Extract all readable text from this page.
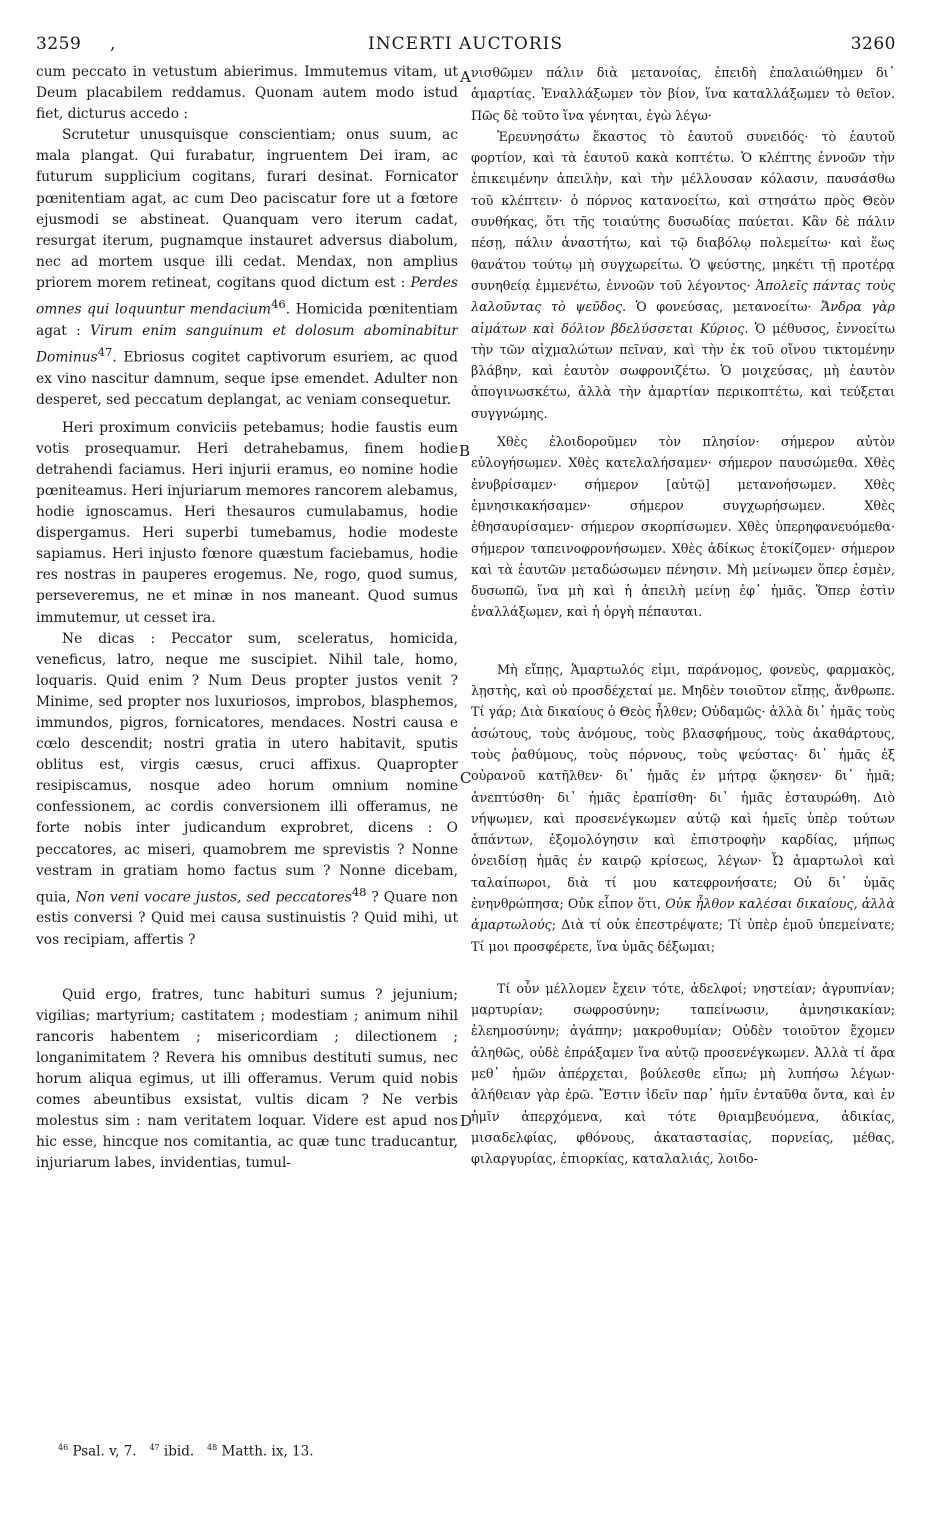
3259 ,	INCERTI AUCTORIS	3260

cum peccato in vetustum abierimus. Immutemus vitam, ut Deum placabilem reddamus. Quonam autem modo istud fiet, dicturus accedo :

Scrutetur unusquisque conscientiam; onus suum, ac mala plangat. Qui furabatur, ingruentem Dei iram, ac futurum supplicium cogitans, furari desinat. Fornicator pœnitentiam agat, ac cum Deo paciscatur fore ut a fœtore ejusmodi se abstineat. Quanquam vero iterum cadat, resurgat iterum, pugnamque instauret adversus diabolum, nec ad mortem usque illi cedat. Mendax, non amplius priorem morem retineat, cogitans quod dictum est : Perdes omnes qui loquuntur mendacium$^{46}$. Homicida pœnitentiam agat : Virum enim sanguinum et dolosum abominabitur Dominus$^{47}$. Ebriosus cogitet captivorum esuriem, ac quod ex vino nascitur damnum, seque ipse emendet. Adulter non desperet, sed peccatum deplangat, ac veniam consequetur.

Heri proximum conviciis petebamus; hodie faustis eum votis prosequamur. Heri detrahebamus, finem hodie detrahendi faciamus. Heri injurii eramus, eo nomine hodie pœniteamus. Heri injuriarum memores rancorem alebamus, hodie ignoscamus. Heri thesauros cumulabamus, hodie dispergamus. Heri superbi tumebamus, hodie modeste sapiamus. Heri injusto fœnore quæstum faciebamus, hodie res nostras in pauperes erogemus. Ne, rogo, quod sumus, perseveremus, ne et minæ in nos maneant. Quod sumus immutemur, ut cesset ira.

Ne dicas : Peccator sum, sceleratus, homicida, veneficus, latro, neque me suscipiet. Nihil tale, homo, loquaris. Quid enim ? Num Deus propter justos venit ? Minime, sed propter nos luxuriosos, improbos, blasphemos, immundos, pigros, fornicatores, mendaces. Nostri causa e cœlo descendit; nostri gratia in utero habitavit, sputis oblitus est, virgis cæsus, cruci affixus. Quapropter resipiscamus, nosque adeo horum omnium nomine confessionem, ac cordis conversionem illi offeramus, ne forte nobis inter judicandum exprobret, dicens : O peccatores, ac miseri, quamobrem me sprevistis ? Nonne vestram in gratiam homo factus sum ? Nonne dicebam, quia, Non veni vocare justos, sed peccatores$^{48}$ ? Quare non estis conversi ? Quid mei causa sustinuistis ? Quid mihi, ut vos recipiam, affertis ?

Quid ergo, fratres, tunc habituri sumus ? jejunium; vigilias; martyrium; castitatem ; modestiam ; animum nihil rancoris habentem ; misericordiam ; dilectionem ; longanimitatem ? Revera his omnibus destituti sumus, nec horum aliqua egimus, ut illi offeramus. Verum quid nobis comes abeuntibus exsistat, vultis dicam ? Ne verbis molestus sim : nam veritatem loquar. Videre est apud nos hic esse, hincque nos comitantia, ac quæ tunc traducantur, injuriarum labes, invidentias, tumul-

νισθῶμεν πάλιν διὰ μετανοίας, ἐπειδὴ ἐπαλαιώθημεν δι᾽ ἁμαρτίας. Ἐναλλάξωμεν τὸν βίον, ἵνα καταλλάξωμεν τὸ θεῖον. Πῶς δὲ τοῦτο ἵνα γένηται, ἐγὼ λέγω·

Ἐρευνησάτω ἕκαστος τὸ ἑαυτοῦ συνειδός· τὸ ἑαυτοῦ φορτίον, καὶ τὰ ἑαυτοῦ κακὰ κοπτέτω. Ὁ κλέπτης ἐννοῶν τὴν ἐπικειμένην ἀπειλὴν, καὶ τὴν μέλλουσαν κόλασιν, παυσάσθω τοῦ κλέπτειν· ὁ πόρνος κατανοείτω, καὶ στησάτω πρὸς Θεὸν συνθήκας, ὅτι τῆς τοιαύτης δυσωδίας παύεται. Κἂν δὲ πάλιν πέσῃ, πάλιν ἀναστήτω, καὶ τῷ διαβόλῳ πολεμείτω· καὶ ἕως θανάτου τούτῳ μὴ συγχωρείτω. Ὁ ψεύστης, μηκέτι τῇ προτέρᾳ συνηθείᾳ ἐμμενέτω, ἐννοῶν τοῦ λέγοντος· Ἀπολεῖς πάντας τοὺς λαλοῦντας τὸ ψεῦδος. Ὁ φονεύσας, μετανοείτω· Ἄνδρα γὰρ αἱμάτων καὶ δόλιον βδελύσσεται Κύριος. Ὁ μέθυσος, ἐννοείτω τὴν τῶν αἰχμαλώτων πεῖναν, καὶ τὴν ἐκ τοῦ οἴνου τικτομένην βλάβην, καὶ ἑαυτὸν σωφρονιζέτω. Ὁ μοιχεύσας, μὴ ἑαυτὸν ἀπογινωσκέτω, ἀλλὰ τὴν ἁμαρτίαν περικοπτέτω, καὶ τεύξεται συγγνώμης.

Χθὲς ἐλοιδοροῦμεν τὸν πλησίον· σήμερον αὐτὸν εὐλογήσωμεν. Χθὲς κατελαλήσαμεν· σήμερον παυσώμεθα. Χθὲς ἐνυβρίσαμεν· σήμερον [αὐτῷ] μετανοήσωμεν. Χθὲς ἐμνησικακήσαμεν· σήμερον συγχωρήσωμεν. Χθὲς ἐθησαυρίσαμεν· σήμερον σκορπίσωμεν. Χθὲς ὑπερηφανευόμεθα· σήμερον ταπεινοφρονήσωμεν. Χθὲς ἀδίκως ἐτοκίζομεν· σήμερον καὶ τὰ ἑαυτῶν μεταδώσωμεν πένησιν. Μὴ μείνωμεν ὅπερ ἐσμὲν, δυσωπῶ, ἵνα μὴ καὶ ἡ ἀπειλὴ μείνῃ ἐφ᾽ ἡμᾶς. Ὅπερ ἐστὶν ἐναλλάξωμεν, καὶ ἡ ὀργὴ πέπαυται.

Μὴ εἴπῃς, Ἁμαρτωλός εἰμι, παράνομος, φονεὺς, φαρμακὸς, λῃστὴς, καὶ οὐ προσδέχεταί με. Μηδὲν τοιοῦτον εἴπῃς, ἄνθρωπε. Τί γάρ; Διὰ δικαίους ὁ Θεὸς ἦλθεν; Οὐδαμῶς· ἀλλὰ δι᾽ ἡμᾶς τοὺς ἀσώτους, τοὺς ἀνόμους, τοὺς βλασφήμους, τοὺς ἀκαθάρτους, τοὺς ῥαθύμους, τοὺς πόρνους, τοὺς ψεύστας· δι᾽ ἡμᾶς ἐξ οὐρανοῦ κατῆλθεν· δι᾽ ἡμᾶς ἐν μήτρᾳ ᾤκησεν· δι᾽ ἡμᾶ; ἀνεπτύσθη· δι᾽ ἡμᾶς ἐραπίσθη· δι᾽ ἡμᾶς ἐσταυρώθη. Διὸ νήψωμεν, καὶ προσενέγκωμεν αὐτῷ καὶ ἡμεῖς ὑπὲρ τούτων ἁπάντων, ἐξομολόγησιν καὶ ἐπιστροφὴν καρδίας, μήπως ὀνειδίσῃ ἡμᾶς ἐν καιρῷ κρίσεως, λέγων· Ὦ ἁμαρτωλοὶ καὶ ταλαίπωροι, διὰ τί μου κατεφρονήσατε; Οὐ δι᾽ ὑμᾶς ἐνηνθρώπησα; Οὐκ εἶπον ὅτι, Οὐκ ἦλθον καλέσαι δικαίους, ἀλλὰ ἁμαρτωλούς; Διὰ τί οὐκ ἐπεστρέψατε; Τί ὑπὲρ ἐμοῦ ὑπεμείνατε; Τί μοι προσφέρετε, ἵνα ὑμᾶς δέξωμαι;

Τί οὖν μέλλομεν ἔχειν τότε, ἀδελφοί; νηστείαν; ἀγρυπνίαν; μαρτυρίαν; σωφροσύνην; ταπείνωσιν, ἀμνησικακίαν; ἐλεημοσύνην; ἀγάπην; μακροθυμίαν; Οὐδὲν τοιοῦτον ἔχομεν ἀληθῶς, οὐδὲ ἐπράξαμεν ἵνα αὐτῷ προσενέγκωμεν. Ἀλλὰ τί ἄρα μεθ᾽ ἡμῶν ἀπέρχεται, βούλεσθε εἴπω; μὴ λυπήσω λέγων· ἀλήθειαν γὰρ ἐρῶ. Ἔστιν ἰδεῖν παρ᾽ ἡμῖν ἐνταῦθα ὄντα, καὶ ἐν ἡμῖν ἀπερχόμενα, καὶ τότε θριαμβευόμενα, ἀδικίας, μισαδελφίας, φθόνους, ἀκαταστασίας, πορνείας, μέθας, φιλαργυρίας, ἐπιορκίας, καταλαλιάς, λοιδο-

A
B
C
D
$^{46}$ Psal. v, 7. $^{47}$ ibid. $^{48}$ Matth. ix, 13.
